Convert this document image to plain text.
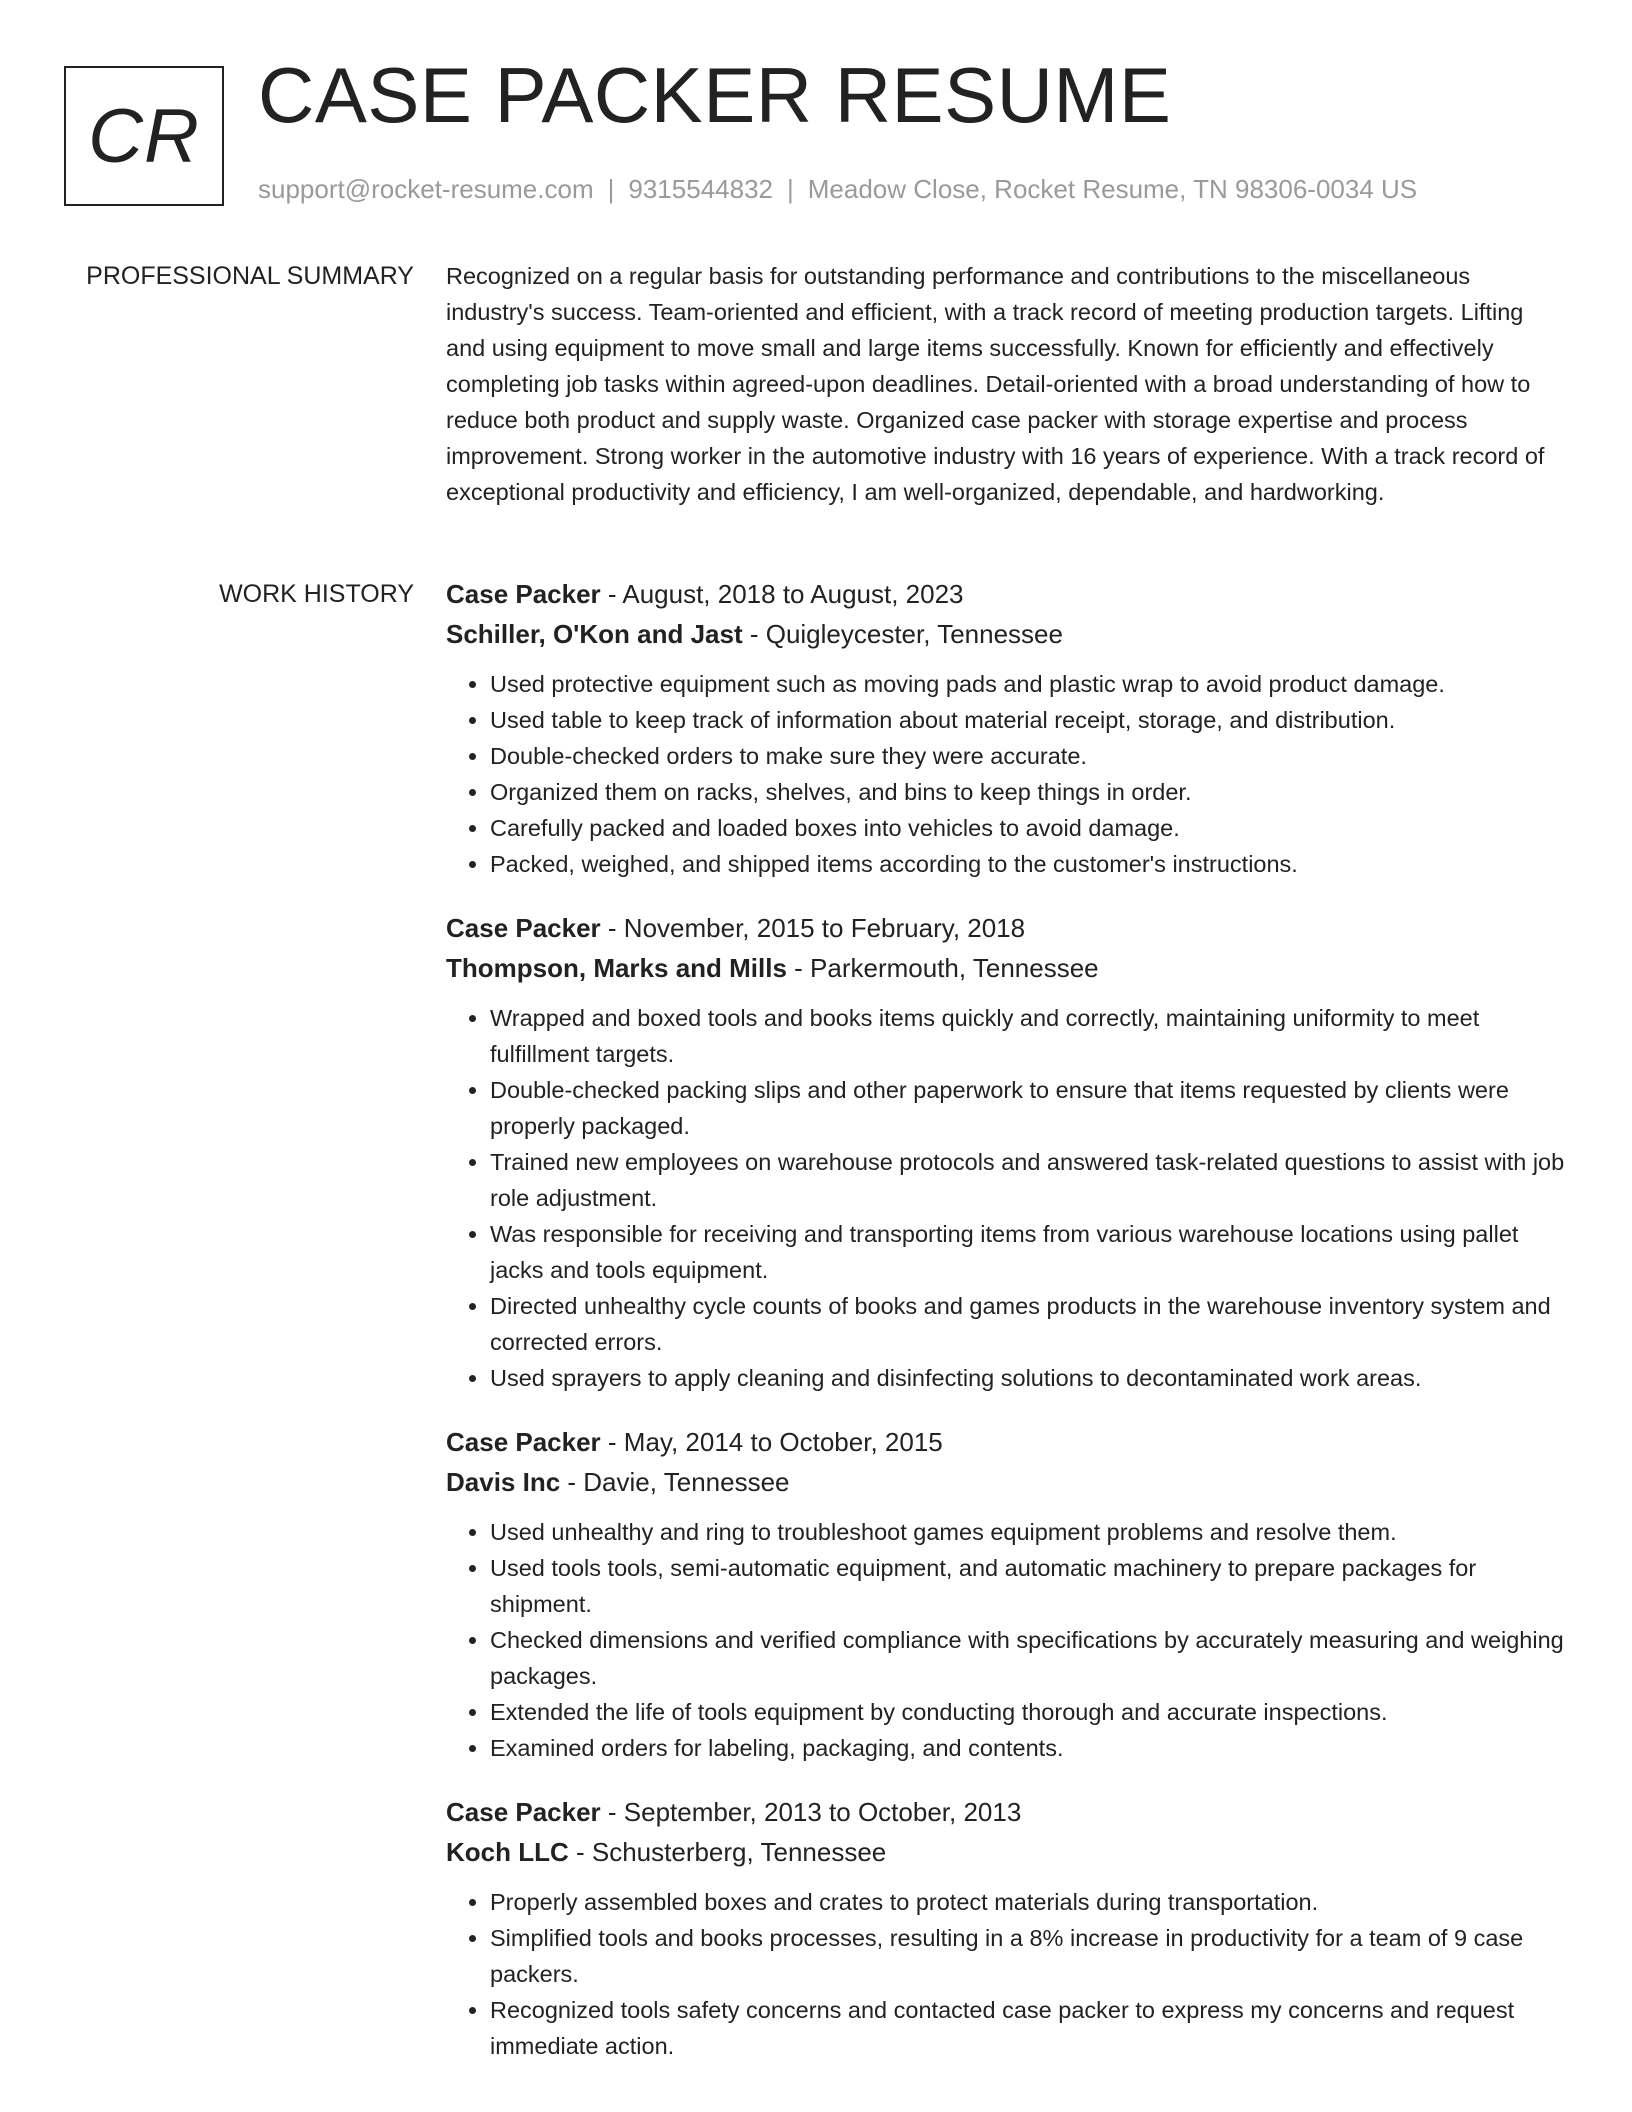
CR CASE PACKER RESUME
support@rocket-resume.com | 9315544832 | Meadow Close, Rocket Resume, TN 98306-0034 US
PROFESSIONAL SUMMARY Recognized on a regular basis for outstanding performance and contributions to the miscellaneous industry's success. Team-oriented and efficient, with a track record of meeting production targets. Lifting and using equipment to move small and large items successfully. Known for efficiently and effectively completing job tasks within agreed-upon deadlines. Detail-oriented with a broad understanding of how to reduce both product and supply waste. Organized case packer with storage expertise and process improvement. Strong worker in the automotive industry with 16 years of experience. With a track record of exceptional productivity and efficiency, I am well-organized, dependable, and hardworking.

WORK HISTORY Case Packer - August, 2018 to August, 2023
Schiller, O'Kon and Jast - Quigleycester, Tennessee
• Used protective equipment such as moving pads and plastic wrap to avoid product damage.
• Used table to keep track of information about material receipt, storage, and distribution.
• Double-checked orders to make sure they were accurate.
• Organized them on racks, shelves, and bins to keep things in order.
• Carefully packed and loaded boxes into vehicles to avoid damage.
• Packed, weighed, and shipped items according to the customer's instructions.
Case Packer - November, 2015 to February, 2018
Thompson, Marks and Mills - Parkermouth, Tennessee
• Wrapped and boxed tools and books items quickly and correctly, maintaining uniformity to meet fulfillment targets.
• Double-checked packing slips and other paperwork to ensure that items requested by clients were properly packaged.
• Trained new employees on warehouse protocols and answered task-related questions to assist with job role adjustment.
• Was responsible for receiving and transporting items from various warehouse locations using pallet jacks and tools equipment.
• Directed unhealthy cycle counts of books and games products in the warehouse inventory system and corrected errors.
• Used sprayers to apply cleaning and disinfecting solutions to decontaminated work areas.
Case Packer - May, 2014 to October, 2015
Davis Inc - Davie, Tennessee
• Used unhealthy and ring to troubleshoot games equipment problems and resolve them.
• Used tools tools, semi-automatic equipment, and automatic machinery to prepare packages for shipment.
• Checked dimensions and verified compliance with specifications by accurately measuring and weighing packages.
• Extended the life of tools equipment by conducting thorough and accurate inspections.
• Examined orders for labeling, packaging, and contents.
Case Packer - September, 2013 to October, 2013
Koch LLC - Schusterberg, Tennessee
• Properly assembled boxes and crates to protect materials during transportation.
• Simplified tools and books processes, resulting in a 8% increase in productivity for a team of 9 case packers.
• Recognized tools safety concerns and contacted case packer to express my concerns and request immediate action.
